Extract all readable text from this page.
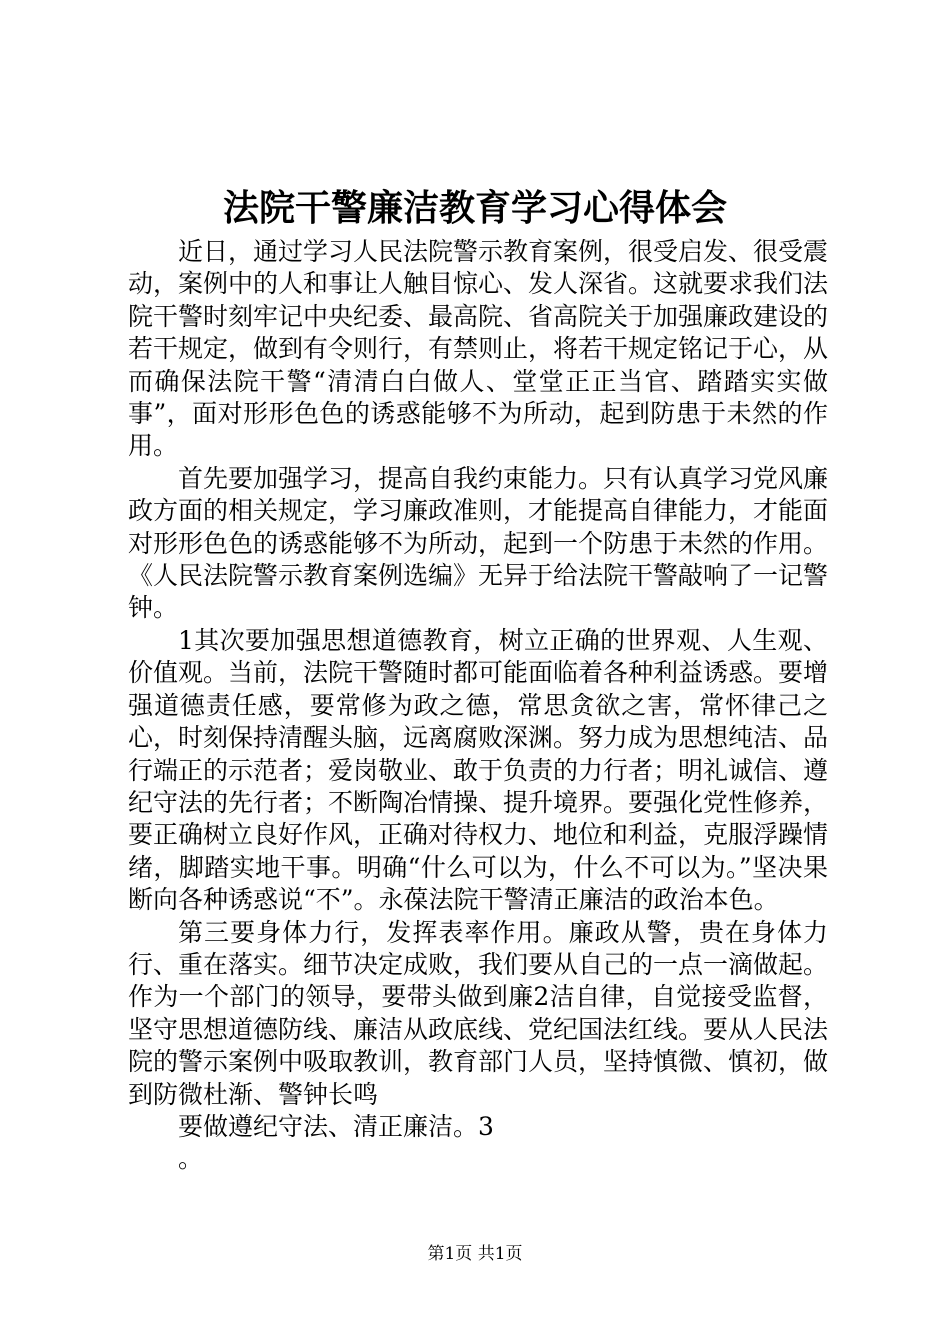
法院干警廉洁教育学习心得体会

近日，通过学习人民法院警示教育案例，很受启发、很受震动，案例中的人和事让人触目惊心、发人深省。这就要求我们法院干警时刻牢记中央纪委、最高院、省高院关于加强廉政建设的若干规定，做到有令则行，有禁则止，将若干规定铭记于心，从而确保法院干警“清清白白做人、堂堂正正当官、踏踏实实做事”，面对形形色色的诱惑能够不为所动，起到防患于未然的作用。

首先要加强学习，提高自我约束能力。只有认真学习党风廉政方面的相关规定，学习廉政准则，才能提高自律能力，才能面对形形色色的诱惑能够不为所动，起到一个防患于未然的作用。《人民法院警示教育案例选编》无异于给法院干警敲响了一记警钟。

1其次要加强思想道德教育，树立正确的世界观、人生观、价值观。当前，法院干警随时都可能面临着各种利益诱惑。要增强道德责任感，要常修为政之德，常思贪欲之害，常怀律己之心，时刻保持清醒头脑，远离腐败深渊。努力成为思想纯洁、品行端正的示范者；爱岗敬业、敢于负责的力行者；明礼诚信、遵纪守法的先行者；不断陶冶情操、提升境界。要强化党性修养，要正确树立良好作风，正确对待权力、地位和利益，克服浮躁情绪，脚踏实地干事。明确“什么可以为，什么不可以为。”坚决果断向各种诱惑说“不”。永葆法院干警清正廉洁的政治本色。

第三要身体力行，发挥表率作用。廉政从警，贵在身体力行、重在落实。细节决定成败，我们要从自己的一点一滴做起。作为一个部门的领导，要带头做到廉2洁自律，自觉接受监督，坚守思想道德防线、廉洁从政底线、党纪国法红线。要从人民法院的警示案例中吸取教训，教育部门人员，坚持慎微、慎初，做到防微杜渐、警钟长鸣

要做遵纪守法、清正廉洁。3

。

第1页 共1页
